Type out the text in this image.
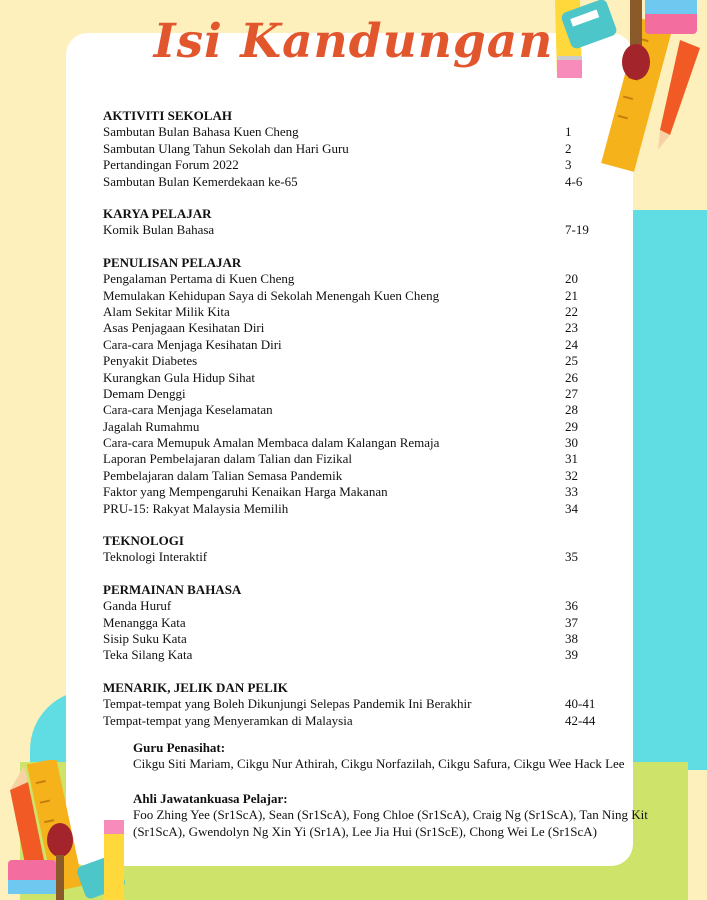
Isi Kandungan
AKTIVITI SEKOLAH
Sambutan Bulan Bahasa Kuen Cheng	1
Sambutan Ulang Tahun Sekolah dan Hari Guru	2
Pertandingan Forum 2022	3
Sambutan Bulan Kemerdekaan ke-65	4-6
KARYA PELAJAR
Komik Bulan Bahasa	7-19
PENULISAN PELAJAR
Pengalaman Pertama di Kuen Cheng	20
Memulakan Kehidupan Saya di Sekolah Menengah Kuen Cheng	21
Alam Sekitar Milik Kita	22
Asas Penjagaan Kesihatan Diri	23
Cara-cara Menjaga Kesihatan Diri	24
Penyakit Diabetes	25
Kurangkan Gula Hidup Sihat	26
Demam Denggi	27
Cara-cara Menjaga Keselamatan	28
Jagalah Rumahmu	29
Cara-cara Memupuk Amalan Membaca dalam Kalangan Remaja	30
Laporan Pembelajaran dalam Talian dan Fizikal	31
Pembelajaran dalam Talian Semasa Pandemik	32
Faktor yang Mempengaruhi Kenaikan Harga Makanan	33
PRU-15: Rakyat Malaysia Memilih	34
TEKNOLOGI
Teknologi Interaktif	35
PERMAINAN BAHASA
Ganda Huruf	36
Menangga Kata	37
Sisip Suku Kata	38
Teka Silang Kata	39
MENARIK, JELIK DAN PELIK
Tempat-tempat yang Boleh Dikunjungi Selepas Pandemik Ini Berakhir	40-41
Tempat-tempat yang Menyeramkan di Malaysia	42-44
Guru Penasihat:
Cikgu Siti Mariam, Cikgu Nur Athirah, Cikgu Norfazilah, Cikgu Safura, Cikgu Wee Hack Lee
Ahli Jawatankuasa Pelajar:
Foo Zhing Yee (Sr1ScA), Sean (Sr1ScA), Fong Chloe (Sr1ScA), Craig Ng (Sr1ScA), Tan Ning Kit (Sr1ScA), Gwendolyn Ng Xin Yi (Sr1A), Lee Jia Hui (Sr1ScE), Chong Wei Le (Sr1ScA)
